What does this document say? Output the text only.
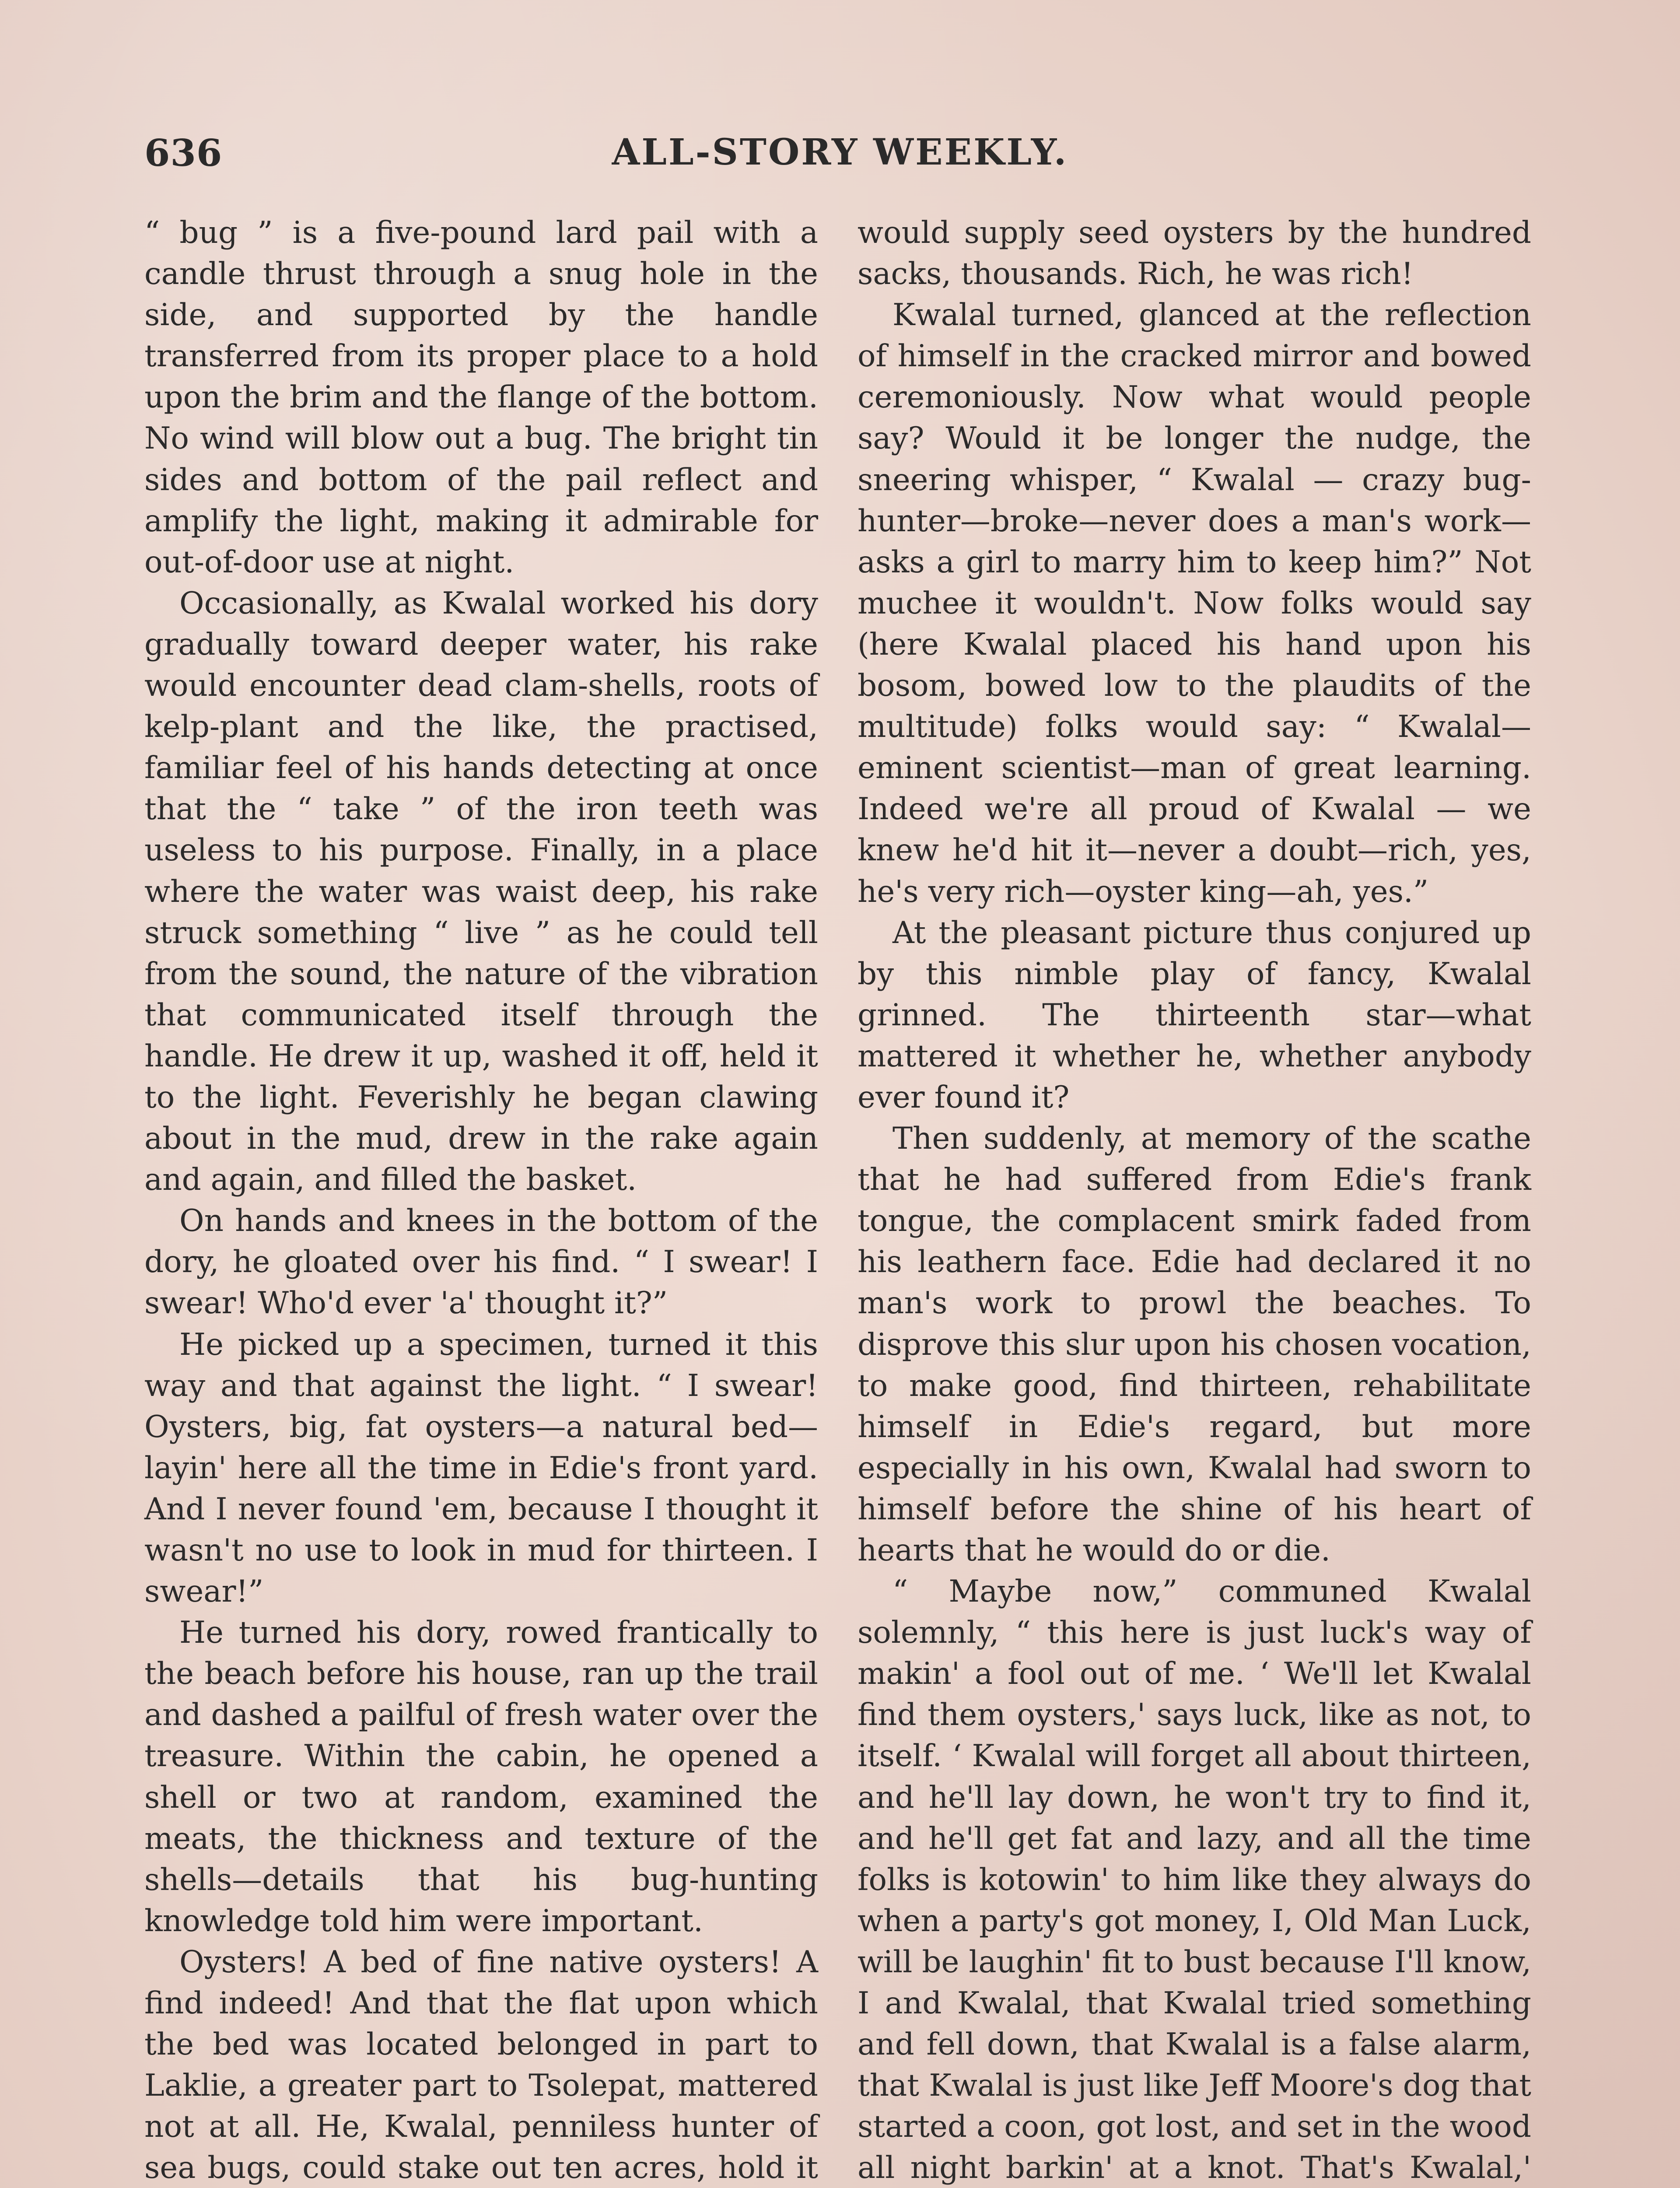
636	ALL-STORY WEEKLY.

“ bug ” is a five-pound lard pail with a candle thrust through a snug hole in the side, and supported by the handle transferred from its proper place to a hold upon the brim and the flange of the bottom. No wind will blow out a bug. The bright tin sides and bottom of the pail reflect and amplify the light, making it admirable for out-of-door use at night.

Occasionally, as Kwalal worked his dory gradually toward deeper water, his rake would encounter dead clam-shells, roots of kelp-plant and the like, the practised, familiar feel of his hands detecting at once that the “ take ” of the iron teeth was useless to his purpose. Finally, in a place where the water was waist deep, his rake struck something “ live ” as he could tell from the sound, the nature of the vibration that communicated itself through the handle. He drew it up, washed it off, held it to the light. Feverishly he began clawing about in the mud, drew in the rake again and again, and filled the basket.

On hands and knees in the bottom of the dory, he gloated over his find. “ I swear! I swear! Who'd ever 'a' thought it?”

He picked up a specimen, turned it this way and that against the light. “ I swear! Oysters, big, fat oysters—a natural bed—layin' here all the time in Edie's front yard. And I never found 'em, because I thought it wasn't no use to look in mud for thirteen. I swear!”

He turned his dory, rowed frantically to the beach before his house, ran up the trail and dashed a pailful of fresh water over the treasure. Within the cabin, he opened a shell or two at random, examined the meats, the thickness and texture of the shells—details that his bug-hunting knowledge told him were important.

Oysters! A bed of fine native oysters! A find indeed! And that the flat upon which the bed was located belonged in part to Laklie, a greater part to Tsolepat, mattered not at all. He, Kwalal, penniless hunter of sea bugs, could stake out ten acres, hold it

would supply seed oysters by the hundred sacks, thousands. Rich, he was rich!

Kwalal turned, glanced at the reflection of himself in the cracked mirror and bowed ceremoniously. Now what would people say? Would it be longer the nudge, the sneering whisper, “ Kwalal — crazy bug-hunter—broke—never does a man's work—asks a girl to marry him to keep him?” Not muchee it wouldn't. Now folks would say (here Kwalal placed his hand upon his bosom, bowed low to the plaudits of the multitude) folks would say: “ Kwalal—eminent scientist—man of great learning. Indeed we're all proud of Kwalal — we knew he'd hit it—never a doubt—rich, yes, he's very rich—oyster king—ah, yes.”

At the pleasant picture thus conjured up by this nimble play of fancy, Kwalal grinned. The thirteenth star—what mattered it whether he, whether anybody ever found it?

Then suddenly, at memory of the scathe that he had suffered from Edie's frank tongue, the complacent smirk faded from his leathern face. Edie had declared it no man's work to prowl the beaches. To disprove this slur upon his chosen vocation, to make good, find thirteen, rehabilitate himself in Edie's regard, but more especially in his own, Kwalal had sworn to himself before the shine of his heart of hearts that he would do or die.

“ Maybe now,” communed Kwalal solemnly, “ this here is just luck's way of makin' a fool out of me. ‘ We'll let Kwalal find them oysters,' says luck, like as not, to itself. ‘ Kwalal will forget all about thirteen, and he'll lay down, he won't try to find it, and he'll get fat and lazy, and all the time folks is kotowin' to him like they always do when a party's got money, I, Old Man Luck, will be laughin' fit to bust because I'll know, I and Kwalal, that Kwalal tried something and fell down, that Kwalal is a false alarm, that Kwalal is just like Jeff Moore's dog that started a coon, got lost, and set in the wood all night barkin' at a knot. That's Kwalal,'
